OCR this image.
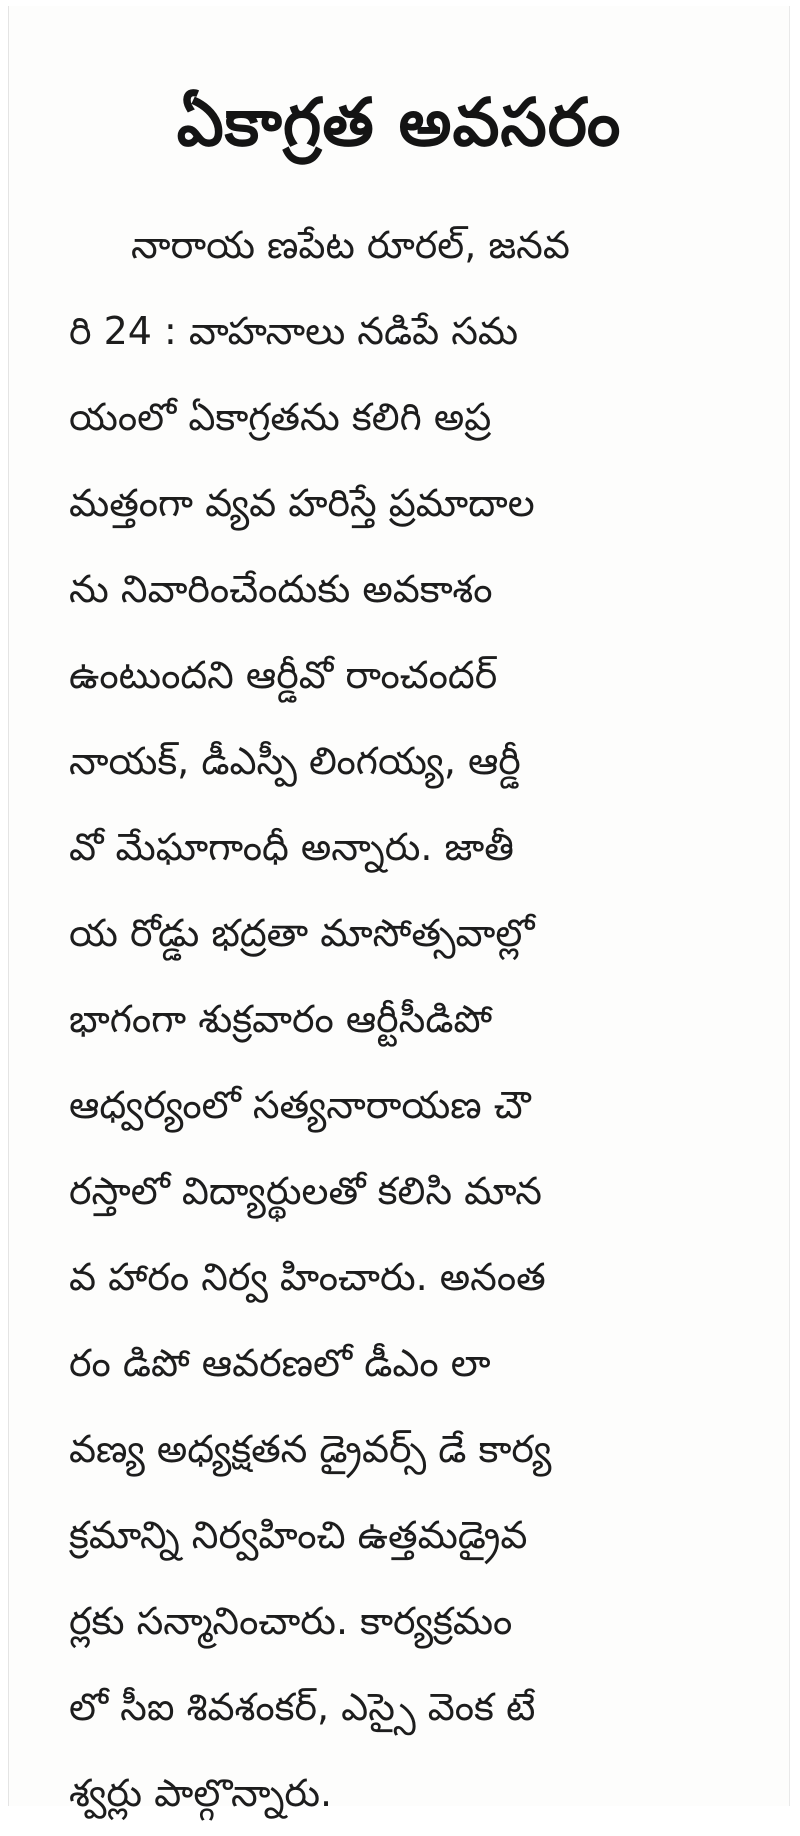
ఏకాగ్రత అవసరం
నారాయ ణపేట రూరల్, జనవ
రి 24 : వాహనాలు నడిపే సమ
యంలో ఏకాగ్రతను కలిగి అప్ర
మత్తంగా వ్యవ హరిస్తే ప్రమాదాల
ను నివారించేందుకు అవకాశం
ఉంటుందని ఆర్డీవో రాంచందర్
నాయక్, డీఎస్పీ లింగయ్య, ఆర్డీ
వో మేఘాగాంధీ అన్నారు. జాతీ
య రోడ్డు భద్రతా మాసోత్సవాల్లో
భాగంగా శుక్రవారం ఆర్టీసీడిపో
ఆధ్వర్యంలో సత్యనారాయణ చౌ
రస్తాలో విద్యార్థులతో కలిసి మాన
వ హారం నిర్వ హించారు. అనంత
రం డిపో ఆవరణలో డీఎం లా
వణ్య అధ్యక్షతన డ్రైవర్స్ డే కార్య
క్రమాన్ని నిర్వహించి ఉత్తమడ్రైవ
ర్లకు సన్మానించారు. కార్యక్రమం
లో సీఐ శివశంకర్, ఎస్సై వెంక టే
శ్వర్లు పాల్గొన్నారు.
